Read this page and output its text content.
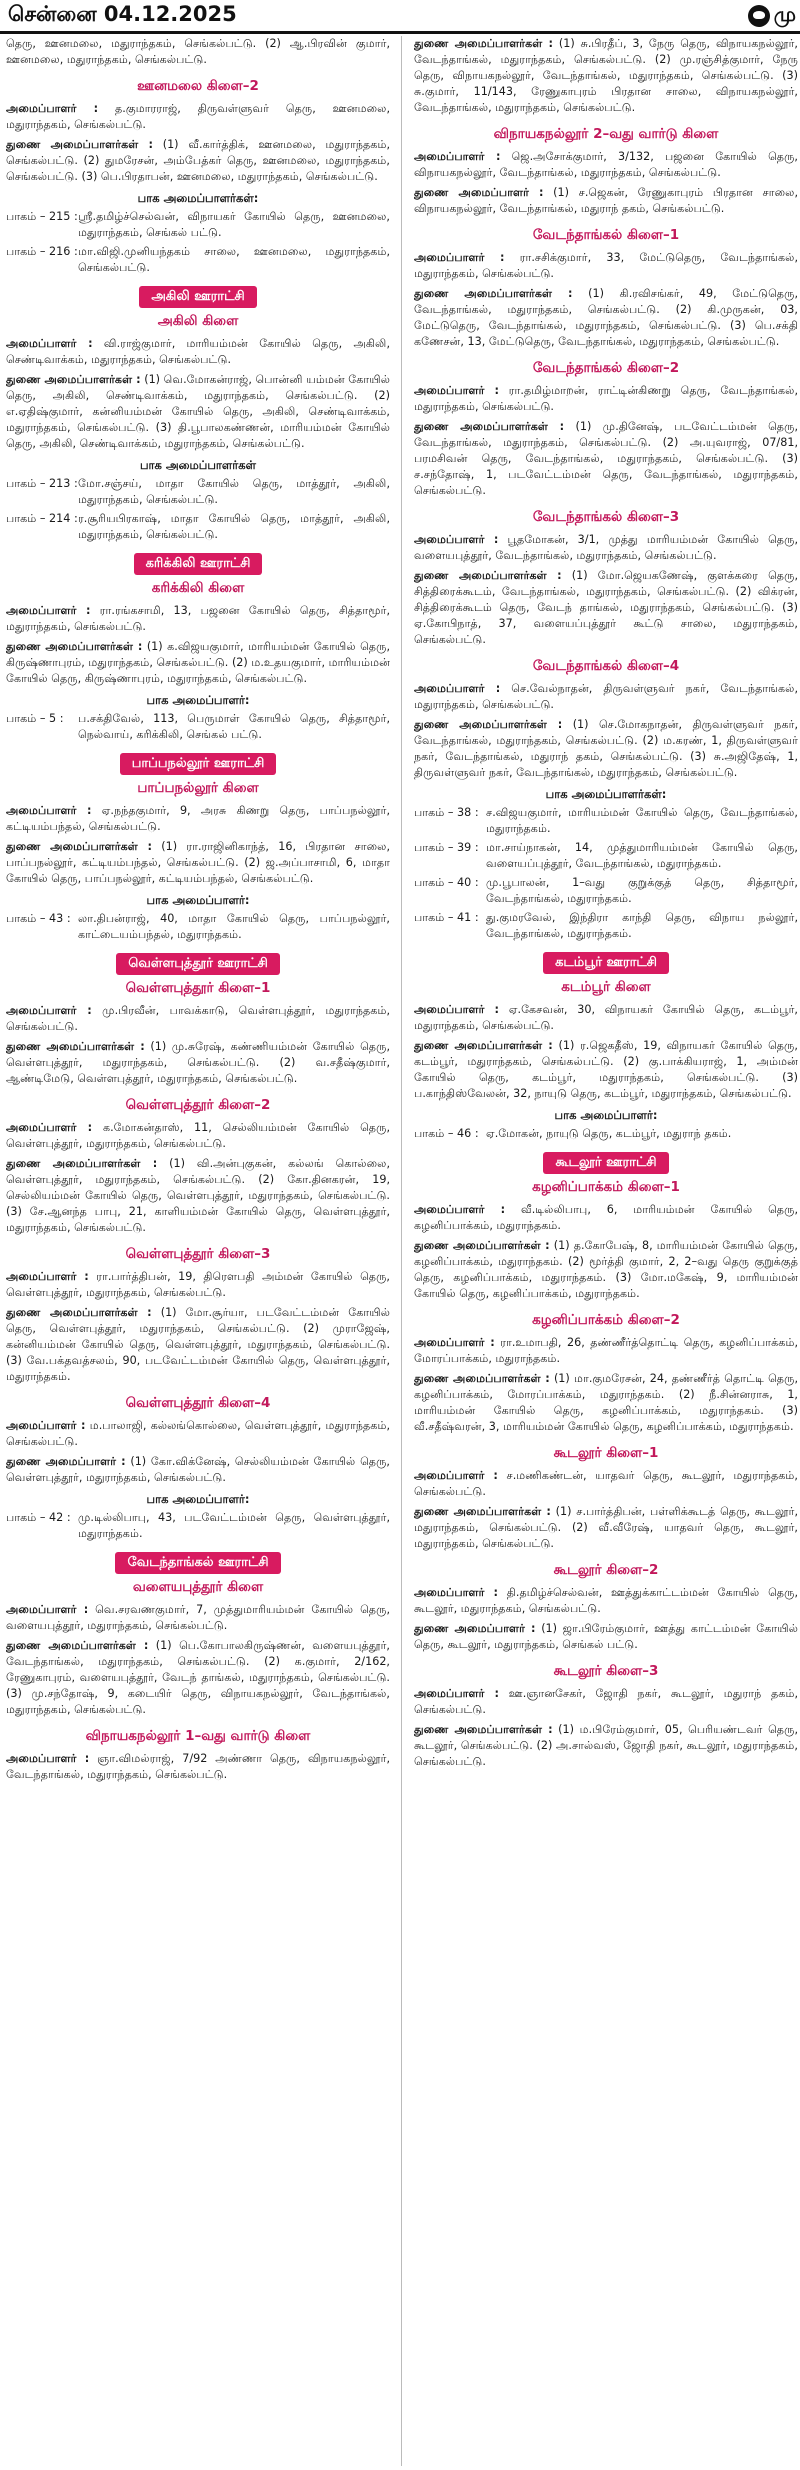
சென்னை 04.12.2025	மு

தெரு, ஊனமலை, மதுராந்தகம், செங்கல்பட்டு. (2) ஆ.பிரவின் குமார், ஊனமலை, மதுராந்தகம், செங்கல்பட்டு.

ஊனமலை கிளை–2

அமைப்பாளர் : த.குமாரராஜ், திருவள்ளுவர் தெரு, ஊனமலை, மதுராந்தகம், செங்கல்பட்டு.

துணை அமைப்பாளர்கள் : (1) வீ.கார்த்திக், ஊனமலை, மதுராந்தகம், செங்கல்பட்டு. (2) துமரேசன், அம்பேத்கர் தெரு, ஊனமலை, மதுராந்தகம், செங்கல்பட்டு. (3) பெ.பிரதாபன், ஊனமலை, மதுராந்தகம், செங்கல்பட்டு.

பாக அமைப்பாளர்கள்:
பாகம் – 215 : ஸ்ரீ.தமிழ்ச்செல்வன், விநாயகர் கோயில் தெரு, ஊனமலை, மதுராந்தகம், செங்கல் பட்டு.
பாகம் – 216 : மா.விஜி.முனியந்தகம் சாலை, ஊனமலை, மதுராந்தகம், செங்கல்பட்டு.
அகிலி ஊராட்சி
அகிலி கிளை

அமைப்பாளர் : வி.ராஜ்குமார், மாரியம்மன் கோயில் தெரு, அகிலி, செண்டிவாக்கம், மதுராந்தகம், செங்கல்பட்டு.

துணை அமைப்பாளர்கள் : (1) வெ.மோகன்ராஜ், பொன்னி யம்மன் கோயில் தெரு, அகிலி, செண்டிவாக்கம், மதுராந்தகம், செங்கல்பட்டு. (2) எ.ஏதிஷ்குமார், கன்னியம்மன் கோயில் தெரு, அகிலி, செண்டிவாக்கம், மதுராந்தகம், செங்கல்பட்டு. (3) தி.பூபாலகண்ணன், மாரியம்மன் கோயில் தெரு, அகிலி, செண்டிவாக்கம், மதுராந்தகம், செங்கல்பட்டு.

பாக அமைப்பாளர்கள்
பாகம் – 213 : மோ.சஞ்சய், மாதா கோயில் தெரு, மாத்தூர், அகிலி, மதுராந்தகம், செங்கல்பட்டு.
பாகம் – 214 : ர.சூரியபிரகாஷ், மாதா கோயில் தெரு, மாத்தூர், அகிலி, மதுராந்தகம், செங்கல்பட்டு.
கரிக்கிலி ஊராட்சி
கரிக்கிலி கிளை

அமைப்பாளர் : ரா.ரங்கசாமி, 13, பஜனை கோயில் தெரு, சித்தாமூர், மதுராந்தகம், செங்கல்பட்டு.

துணை அமைப்பாளர்கள் : (1) க.விஜயகுமார், மாரியம்மன் கோயில் தெரு, கிருஷ்ணாபுரம், மதுராந்தகம், செங்கல்பட்டு. (2) ம.உதயகுமார், மாரியம்மன் கோயில் தெரு, கிருஷ்ணாபுரம், மதுராந்தகம், செங்கல்பட்டு.

பாக அமைப்பாளர்:
பாகம் – 5 :	ப.சக்திவேல், 113, பெருமாள் கோயில் தெரு, சித்தாமூர், நெல்வாய், கரிக்கிலி, செங்கல் பட்டு.
பாப்பநல்லூர் ஊராட்சி
பாப்பநல்லூர் கிளை

அமைப்பாளர் : ஏ.நந்தகுமார், 9, அரசு கிணறு தெரு, பாப்பநல்லூர், கட்டியம்பந்தல், செங்கல்பட்டு.

துணை அமைப்பாளர்கள் : (1) ரா.ராஜினிகாந்த், 16, பிரதான சாலை, பாப்பநல்லூர், கட்டியம்பந்தல், செங்கல்பட்டு. (2) ஜ.அப்பாசாமி, 6, மாதா கோயில் தெரு, பாப்பநல்லூர், கட்டியம்பந்தல், செங்கல்பட்டு.

பாக அமைப்பாளர்:
பாகம் – 43 : லா.திபன்ராஜ், 40, மாதா கோயில் தெரு, பாப்பநல்லூர், காட்டையம்பந்தல், மதுராந்தகம்.
வெள்ளபுத்தூர் ஊராட்சி
வெள்ளபுத்தூர் கிளை–1

அமைப்பாளர் : மு.பிரவீன், பாவக்காடு, வெள்ளபுத்தூர், மதுராந்தகம், செங்கல்பட்டு.

துணை அமைப்பாளர்கள் : (1) மு.சுரேஷ், கண்ணியம்மன் கோயில் தெரு, வெள்ளபுத்தூர், மதுராந்தகம், செங்கல்பட்டு. (2) வ.சதீஷ்குமார், ஆண்டிமேடு, வெள்ளபுத்தூர், மதுராந்தகம், செங்கல்பட்டு.

வெள்ளபுத்தூர் கிளை–2

அமைப்பாளர் : க.மோகன்தாஸ், 11, செல்லியம்மன் கோயில் தெரு, வெள்ளபுத்தூர், மதுராந்தகம், செங்கல்பட்டு.

துணை அமைப்பாளர்கள் : (1) வி.அன்புகுகன், கல்லங் கொல்லை, வெள்ளபுத்தூர், மதுராந்தகம், செங்கல்பட்டு. (2) கோ.தினகரன், 19, செல்லியம்மன் கோயில் தெரு, வெள்ளபுத்தூர், மதுராந்தகம், செங்கல்பட்டு. (3) சே.ஆனந்த பாபு, 21, காளியம்மன் கோயில் தெரு, வெள்ளபுத்தூர், மதுராந்தகம், செங்கல்பட்டு.

வெள்ளபுத்தூர் கிளை–3

அமைப்பாளர் : ரா.பார்த்திபன், 19, திரௌபதி அம்மன் கோயில் தெரு, வெள்ளபுத்தூர், மதுராந்தகம், செங்கல்பட்டு.

துணை அமைப்பாளர்கள் : (1) மோ.சூர்யா, படவேட்டம்மன் கோயில் தெரு, வெள்ளபுத்தூர், மதுராந்தகம், செங்கல்பட்டு. (2) முராஜேஷ், கன்னியம்மன் கோயில் தெரு, வெள்ளபுத்தூர், மதுராந்தகம், செங்கல்பட்டு. (3) வே.பக்தவத்சலம், 90, படவேட்டம்மன் கோயில் தெரு, வெள்ளபுத்தூர், மதுராந்தகம்.

வெள்ளபுத்தூர் கிளை–4

அமைப்பாளர் : ம.பாலாஜி, கல்லங்கொல்லை, வெள்ளபுத்தூர், மதுராந்தகம், செங்கல்பட்டு.

துணை அமைப்பாளர் : (1) கோ.விக்னேஷ், செல்லியம்மன் கோயில் தெரு, வெள்ளபுத்தூர், மதுராந்தகம், செங்கல்பட்டு.

பாக அமைப்பாளர்:
பாகம் – 42 : மு.டில்லிபாபு, 43, படவேட்டம்மன் தெரு, வெள்ளபுத்தூர், மதுராந்தகம்.
வேடந்தாங்கல் ஊராட்சி
வளையபுத்தூர் கிளை

அமைப்பாளர் : வெ.சரவணகுமார், 7, முத்துமாரியம்மன் கோயில் தெரு, வளையபுத்தூர், மதுராந்தகம், செங்கல்பட்டு.

துணை அமைப்பாளர்கள் : (1) பெ.கோபாலகிருஷ்ணன், வளையபுத்தூர், வேடந்தாங்கல், மதுராந்தகம், செங்கல்பட்டு. (2) க.குமார், 2/162, ரேணுகாபுரம், வளையபுத்தூர், வேடந் தாங்கல், மதுராந்தகம், செங்கல்பட்டு. (3) மு.சந்தோஷ், 9, கடையிர் தெரு, விநாயகநல்லூர், வேடந்தாங்கல், மதுராந்தகம், செங்கல்பட்டு.

விநாயகநல்லூர் 1–வது வார்டு கிளை

அமைப்பாளர் : ஞா.விமல்ராஜ், 7/92 அண்ணா தெரு, விநாயகநல்லூர், வேடந்தாங்கல், மதுராந்தகம், செங்கல்பட்டு.

துணை அமைப்பாளர்கள் : (1) சு.பிரதீப், 3, நேரு தெரு, விநாயகநல்லூர், வேடந்தாங்கல், மதுராந்தகம், செங்கல்பட்டு. (2) மு.ரஞ்சித்குமார், நேரு தெரு, விநாயகநல்லூர், வேடந்தாங்கல், மதுராந்தகம், செங்கல்பட்டு. (3) சு.குமார், 11/143, ரேணுகாபுரம் பிரதான சாலை, விநாயகநல்லூர், வேடந்தாங்கல், மதுராந்தகம், செங்கல்பட்டு.

விநாயகநல்லூர் 2–வது வார்டு கிளை

அமைப்பாளர் : ஜெ.அசோக்குமார், 3/132, பஜனை கோயில் தெரு, விநாயகநல்லூர், வேடந்தாங்கல், மதுராந்தகம், செங்கல்பட்டு.

துணை அமைப்பாளர் : (1) ச.ஜெகன், ரேணுகாபுரம் பிரதான சாலை, விநாயகநல்லூர், வேடந்தாங்கல், மதுராந் தகம், செங்கல்பட்டு.

வேடந்தாங்கல் கிளை–1

அமைப்பாளர் : ரா.சசிக்குமார், 33, மேட்டுதெரு, வேடந்தாங்கல், மதுராந்தகம், செங்கல்பட்டு.

துணை அமைப்பாளர்கள் : (1) கி.ரவிசங்கர், 49, மேட்டுதெரு, வேடந்தாங்கல், மதுராந்தகம், செங்கல்பட்டு. (2) கி.முருகன், 03, மேட்டுதெரு, வேடந்தாங்கல், மதுராந்தகம், செங்கல்பட்டு. (3) பெ.சக்தி கணேசன், 13, மேட்டுதெரு, வேடந்தாங்கல், மதுராந்தகம், செங்கல்பட்டு.

வேடந்தாங்கல் கிளை–2

அமைப்பாளர் : ரா.தமிழ்மாறன், ராட்டின்கிணறு தெரு, வேடந்தாங்கல், மதுராந்தகம், செங்கல்பட்டு.

துணை அமைப்பாளர்கள் : (1) மு.தினேஷ், படவேட்டம்மன் தெரு, வேடந்தாங்கல், மதுராந்தகம், செங்கல்பட்டு. (2) அ.யுவராஜ், 07/81, பரமசிவன் தெரு, வேடந்தாங்கல், மதுராந்தகம், செங்கல்பட்டு. (3) ச.சந்தோஷ், 1, படவேட்டம்மன் தெரு, வேடந்தாங்கல், மதுராந்தகம், செங்கல்பட்டு.

வேடந்தாங்கல் கிளை–3

அமைப்பாளர் : பூதமோகன், 3/1, முத்து மாரியம்மன் கோயில் தெரு, வளையபுத்தூர், வேடந்தாங்கல், மதுராந்தகம், செங்கல்பட்டு.

துணை அமைப்பாளர்கள் : (1) மோ.ஜெயகணேஷ், குளக்கரை தெரு, சித்திரைக்கூடம், வேடந்தாங்கல், மதுராந்தகம், செங்கல்பட்டு. (2) விக்ரன், சித்திரைக்கூடம் தெரு, வேடந் தாங்கல், மதுராந்தகம், செங்கல்பட்டு. (3) ஏ.கோபிநாத், 37, வளையப்புத்தூர் கூட்டு சாலை, மதுராந்தகம், செங்கல்பட்டு.

வேடந்தாங்கல் கிளை–4

அமைப்பாளர் : செ.வேல்நாதன், திருவள்ளுவர் நகர், வேடந்தாங்கல், மதுராந்தகம், செங்கல்பட்டு.

துணை அமைப்பாளர்கள் : (1) செ.மோகநாதன், திருவள்ளுவர் நகர், வேடந்தாங்கல், மதுராந்தகம், செங்கல்பட்டு. (2) ம.கரண், 1, திருவள்ளுவர் நகர், வேடந்தாங்கல், மதுராந் தகம், செங்கல்பட்டு. (3) சு.அஜிதேஷ், 1, திருவள்ளுவர் நகர், வேடந்தாங்கல், மதுராந்தகம், செங்கல்பட்டு.

பாக அமைப்பாளர்கள்:
பாகம் – 38 : ச.விஜயகுமார், மாரியம்மன் கோயில் தெரு, வேடந்தாங்கல், மதுராந்தகம்.
பாகம் – 39 : மா.சாய்நாகன், 14, முத்துமாரியம்மன் கோயில் தெரு, வளையப்புத்தூர், வேடந்தாங்கல், மதுராந்தகம்.
பாகம் – 40 : மு.பூபாலன், 1–வது குறுக்குத் தெரு, சித்தாமூர், வேடந்தாங்கல், மதுராந்தகம்.
பாகம் – 41 : து.குமரவேல், இந்திரா காந்தி தெரு, விநாய நல்லூர், வேடந்தாங்கல், மதுராந்தகம்.
கடம்பூர் ஊராட்சி
கடம்பூர் கிளை

அமைப்பாளர் : ஏ.கேசவன், 30, விநாயகர் கோயில் தெரு, கடம்பூர், மதுராந்தகம், செங்கல்பட்டு.

துணை அமைப்பாளர்கள் : (1) ர.ஜெகதீஸ், 19, விநாயகர் கோயில் தெரு, கடம்பூர், மதுராந்தகம், செங்கல்பட்டு. (2) கு.பாக்கியராஜ், 1, அம்மன் கோயில் தெரு, கடம்பூர், மதுராந்தகம், செங்கல்பட்டு. (3) ப.காந்திஸ்வேலன், 32, நாயுடு தெரு, கடம்பூர், மதுராந்தகம், செங்கல்பட்டு.

பாக அமைப்பாளர்:
பாகம் – 46 : ஏ.மோகன், நாயுடு தெரு, கடம்பூர், மதுராந் தகம்.
கூடலூர் ஊராட்சி
கழனிப்பாக்கம் கிளை–1

அமைப்பாளர் : வீ.டில்லிபாபு, 6, மாரியம்மன் கோயில் தெரு, கழனிப்பாக்கம், மதுராந்தகம்.

துணை அமைப்பாளர்கள் : (1) த.கோபேஷ், 8, மாரியம்மன் கோயில் தெரு, கழனிப்பாக்கம், மதுராந்தகம். (2) மூர்த்தி குமார், 2, 2–வது தெரு குறுக்குத் தெரு, கழனிப்பாக்கம், மதுராந்தகம். (3) மோ.மகேஷ், 9, மாரியம்மன் கோயில் தெரு, கழனிப்பாக்கம், மதுராந்தகம்.

கழனிப்பாக்கம் கிளை–2

அமைப்பாளர் : ரா.உமாபதி, 26, தண்ணீர்த்தொட்டி தெரு, கழனிப்பாக்கம், மோரப்பாக்கம், மதுராந்தகம்.

துணை அமைப்பாளர்கள் : (1) மா.குமரேசன், 24, தண்ணீர்த் தொட்டி தெரு, கழனிப்பாக்கம், மோரப்பாக்கம், மதுராந்தகம். (2) நீ.சின்னராசு, 1, மாரியம்மன் கோயில் தெரு, கழனிப்பாக்கம், மதுராந்தகம். (3) வீ.சதீஷ்வரன், 3, மாரியம்மன் கோயில் தெரு, கழனிப்பாக்கம், மதுராந்தகம்.

கூடலூர் கிளை–1

அமைப்பாளர் : ச.மணிகண்டன், யாதவர் தெரு, கூடலூர், மதுராந்தகம், செங்கல்பட்டு.

துணை அமைப்பாளர்கள் : (1) ச.பார்த்திபன், பள்ளிக்கூடத் தெரு, கூடலூர், மதுராந்தகம், செங்கல்பட்டு. (2) வீ.வீரேஷ், யாதவர் தெரு, கூடலூர், மதுராந்தகம், செங்கல்பட்டு.

கூடலூர் கிளை–2

அமைப்பாளர் : தி.தமிழ்ச்செல்வன், ஊத்துக்காட்டம்மன் கோயில் தெரு, கூடலூர், மதுராந்தகம், செங்கல்பட்டு.

துணை அமைப்பாளர் : (1) ஜா.பிரேம்குமார், ஊத்து காட்டம்மன் கோயில் தெரு, கூடலூர், மதுராந்தகம், செங்கல் பட்டு.

கூடலூர் கிளை–3

அமைப்பாளர் : ஊ.ஞானசேகர், ஜோதி நகர், கூடலூர், மதுராந் தகம், செங்கல்பட்டு.

துணை அமைப்பாளர்கள் : (1) ம.பிரேம்குமார், 05, பெரியண்டவர் தெரு, கூடலூர், செங்கல்பட்டு. (2) அ.சால்வஸ், ஜோதி நகர், கூடலூர், மதுராந்தகம், செங்கல்பட்டு.
